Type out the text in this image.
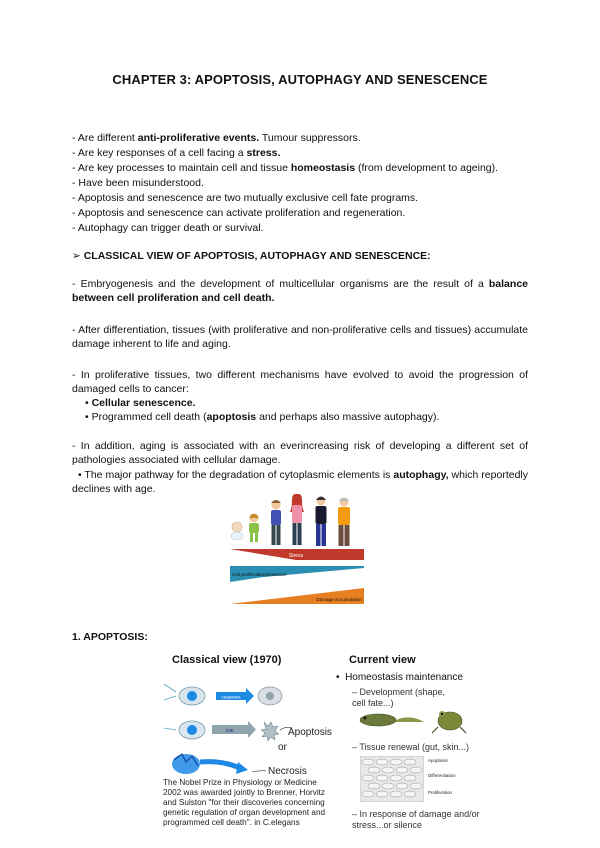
CHAPTER 3: APOPTOSIS, AUTOPHAGY AND SENESCENCE

- Are different anti-proliferative events. Tumour suppressors.

- Are key responses of a cell facing a stress.

- Are key processes to maintain cell and tissue homeostasis (from development to ageing).

- Have been misunderstood.

- Apoptosis and senescence are two mutually exclusive cell fate programs.

- Apoptosis and senescence can activate proliferation and regeneration.

- Autophagy can trigger death or survival.

➢ CLASSICAL VIEW OF APOPTOSIS, AUTOPHAGY AND SENESCENCE:

- Embryogenesis and the development of multicellular organisms are the result of a balance between cell proliferation and cell death.

- After differentiation, tissues (with proliferative and non-proliferative cells and tissues) accumulate damage inherent to life and aging.

- In proliferative tissues, two different mechanisms have evolved to avoid the progression of damaged cells to cancer:

• Cellular senescence.

• Programmed cell death (apoptosis and perhaps also massive autophagy).

- In addition, aging is associated with an everincreasing risk of developing a different set of pathologies associated with cellular damage.

• The major pathway for the degradation of cytoplasmic elements is autophagy, which reportedly declines with age.

Stress
Anti-proliferative/protective
Damage accumulation

1. APOPTOSIS:

Classical view (1970)	Current view
caspases
DIE	Apoptosis
or
Necrosis
The Nobel Prize in Physiology or Medicine 2002 was awarded jointly to Brenner, Horvitz and Sulston "for their discoveries concerning genetic regulation of organ development and programmed cell death". in C.elegans
•  Homeostasis maintenance
– Development (shape, cell fate...)
– Tissue renewal (gut, skin...)
Apoptosis
Differentiation
Proliferation
– In response of damage and/or stress...or silence
